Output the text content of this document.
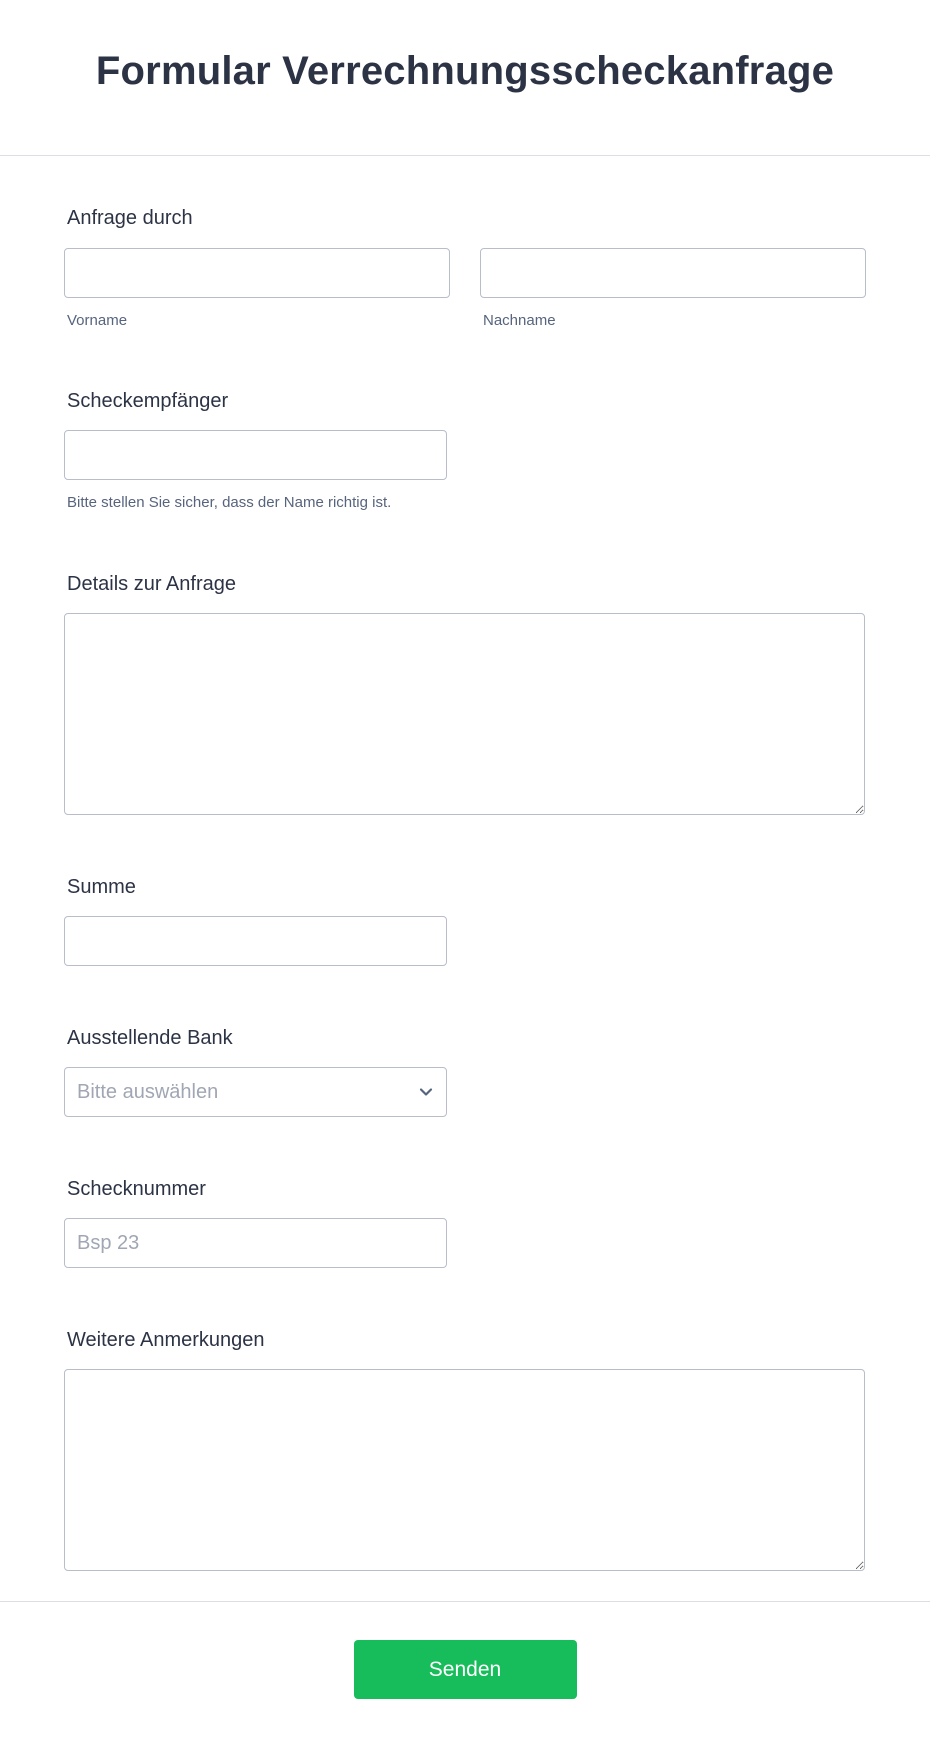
Formular Verrechnungsscheckanfrage
Anfrage durch
Vorname	Nachname
Scheckempfänger
Bitte stellen Sie sicher, dass der Name richtig ist.
Details zur Anfrage
Summe
Ausstellende Bank
Bitte auswählen
Schecknummer
Bsp 23
Weitere Anmerkungen
Senden
